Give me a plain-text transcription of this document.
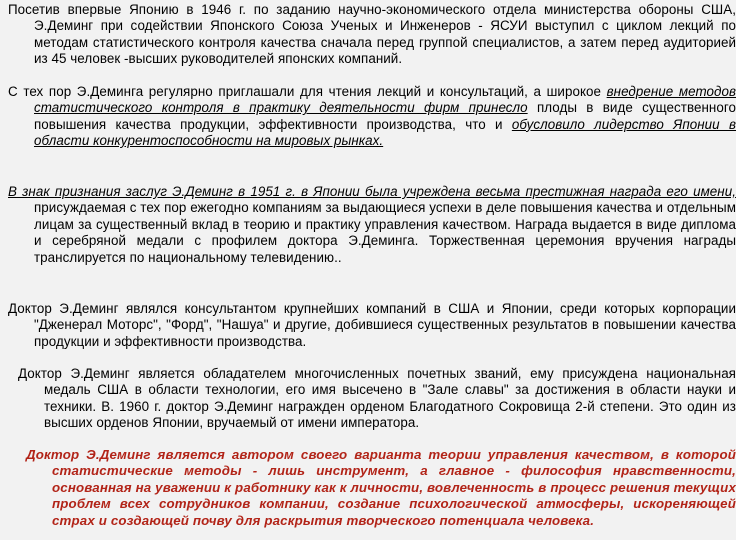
Посетив впервые Японию в 1946 г. по заданию научно-экономического отдела министерства обороны США, Э.Деминг при содействии Японского Союза Ученых и Инженеров - ЯСУИ выступил с циклом лекций по методам статистического контроля качества сначала перед группой специалистов, а затем перед аудиторией из 45 человек -высших руководителей японских компаний.

С тех пор Э.Деминга регулярно приглашали для чтения лекций и консультаций, а широкое внедрение методов статистического контроля в практику деятельности фирм принесло плоды в виде существенного повышения качества продукции, эффективности производства, что и обусловило лидерство Японии в области конкурентоспособности на мировых рынках.

В знак признания заслуг Э.Деминг в 1951 г. в Японии была учреждена весьма престижная награда его имени, присуждаемая с тех пор ежегодно компаниям за выдающиеся успехи в деле повышения качества и отдельным лицам за существенный вклад в теорию и практику управления качеством. Награда выдается в виде диплома и серебряной медали с профилем доктора Э.Деминга. Торжественная церемония вручения награды транслируется по национальному телевидению..

Доктор Э.Деминг являлся консультантом крупнейших компаний в США и Японии, среди которых корпорации "Дженерал Моторс", "Форд", "Нашуа" и другие, добившиеся существенных результатов в повышении качества продукции и эффективности производства.

Доктор Э.Деминг является обладателем многочисленных почетных званий, ему присуждена национальная медаль США в области технологии, его имя высечено в "Зале славы" за достижения в области науки и техники. В. 1960 г. доктор Э.Деминг награжден орденом Благодатного Сокровища 2-й степени. Это один из высших орденов Японии, вручаемый от имени императора.

Доктор Э.Деминг является автором своего варианта теории управления качеством, в которой статистические методы - лишь инструмент, а главное - философия нравственности, основанная на уважении к работнику как к личности, вовлеченность в процесс решения текущих проблем всех сотрудников компании, создание психологической атмосферы, искореняющей страх и создающей почву для раскрытия творческого потенциала человека.
